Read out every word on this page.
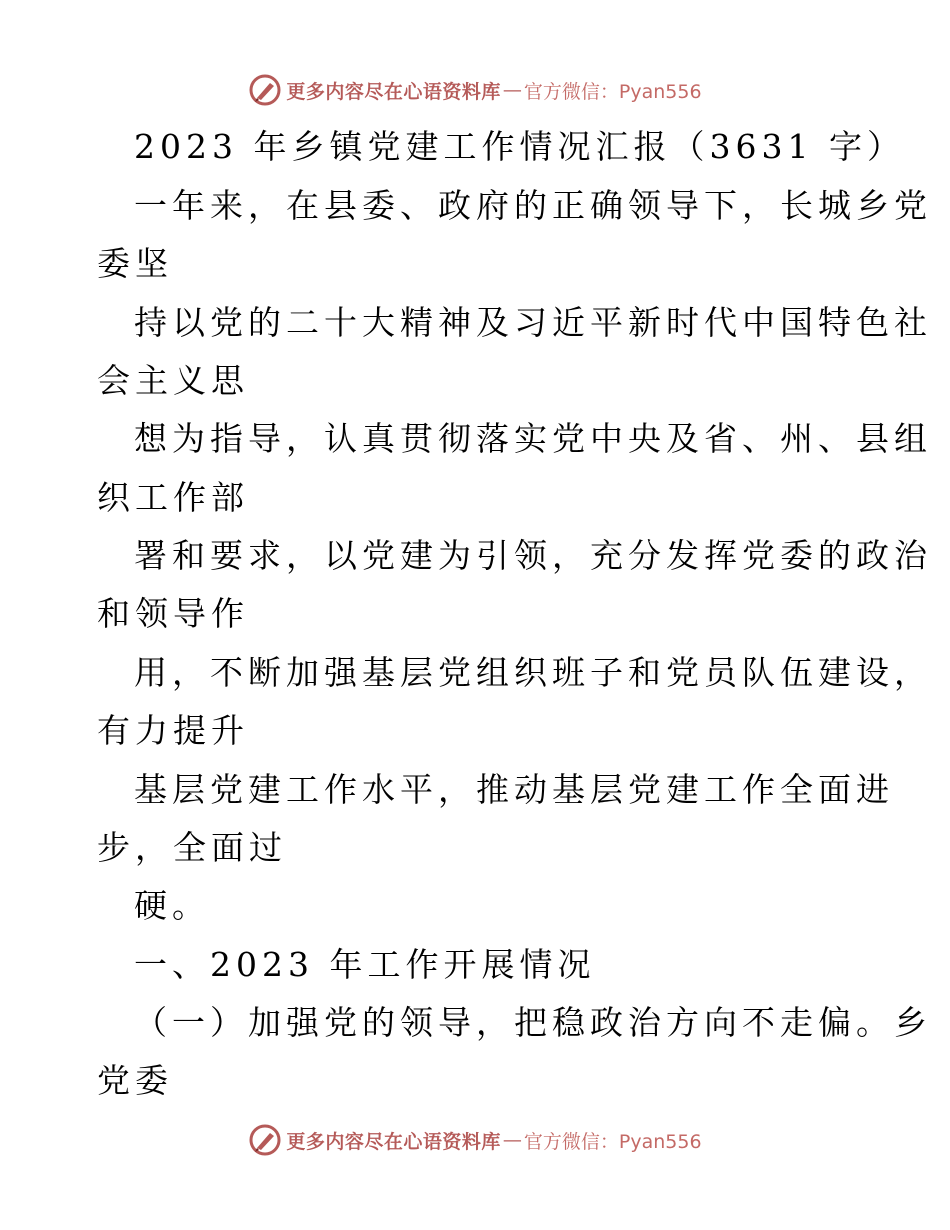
更多内容尽在心语资料库 — 官方微信：Pyan556
2023 年乡镇党建工作情况汇报（3631 字）
一年来，在县委、政府的正确领导下，长城乡党
委坚
持以党的二十大精神及习近平新时代中国特色社
会主义思
想为指导，认真贯彻落实党中央及省、州、县组
织工作部
署和要求，以党建为引领，充分发挥党委的政治
和领导作
用，不断加强基层党组织班子和党员队伍建设，
有力提升
基层党建工作水平，推动基层党建工作全面进
步，全面过
硬。
一、2023 年工作开展情况
（一）加强党的领导，把稳政治方向不走偏。乡
党委
更多内容尽在心语资料库 — 官方微信：Pyan556
